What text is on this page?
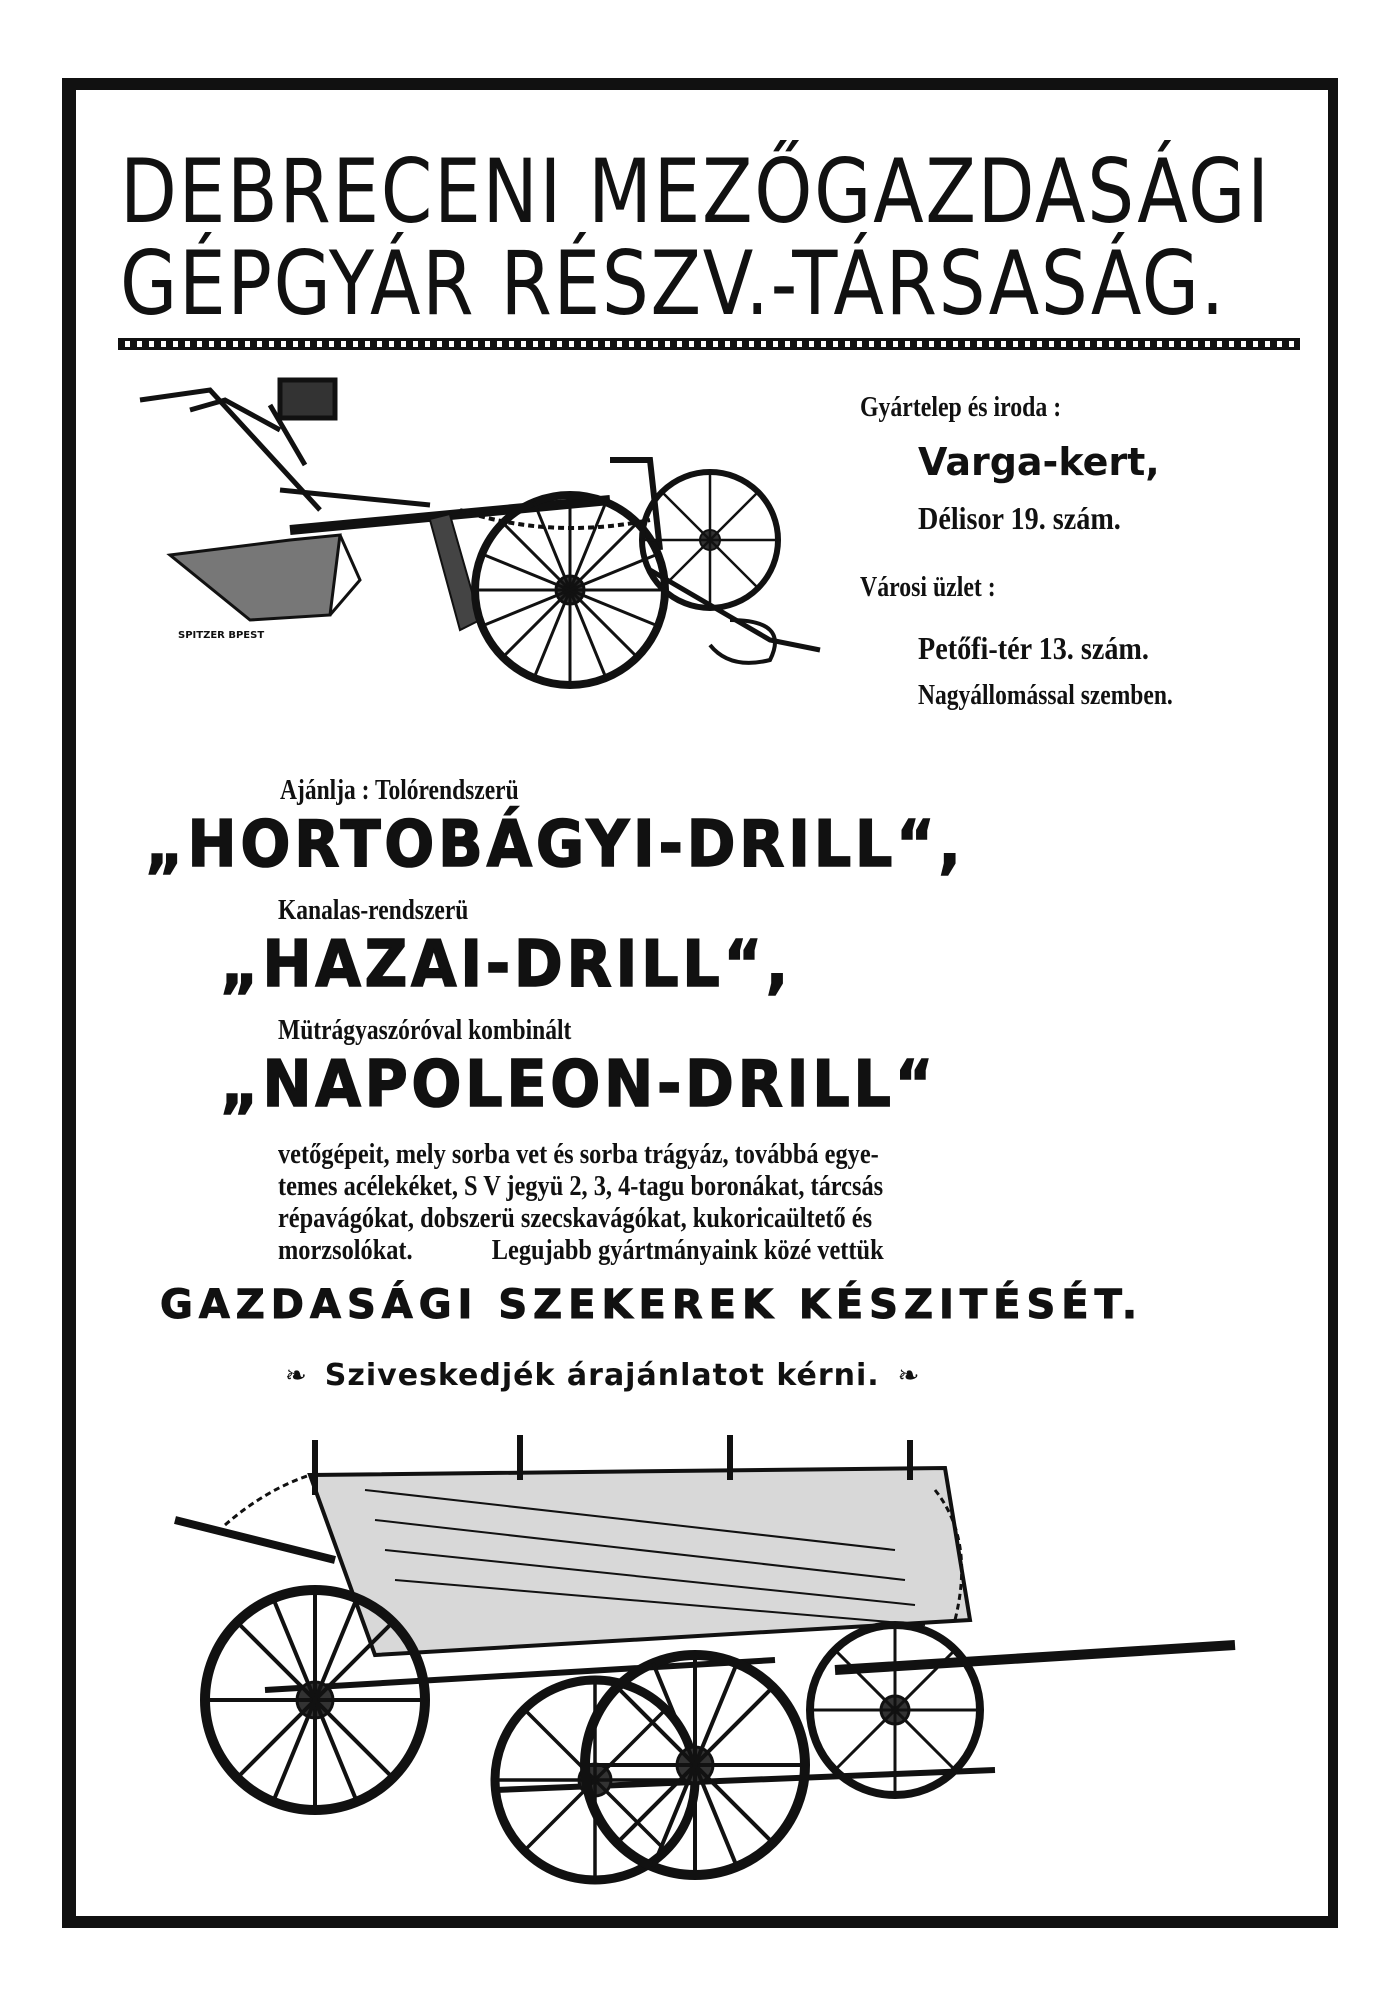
DEBRECENI MEZŐGAZDASÁGI
GÉPGYÁR RÉSZV.-TÁRSASÁG.
SPITZER BPEST
Gyártelep és iroda :
Varga-kert,
Délisor 19. szám.
Városi üzlet :
Petőfi-tér 13. szám.
Nagyállomással szemben.
Ajánlja : Tolórendszerü
„HORTOBÁGYI-DRILL“,
Kanalas-rendszerü
„HAZAI-DRILL“,
Mütrágyaszóróval kombinált
„NAPOLEON-DRILL“
vetőgépeit, mely sorba vet és sorba trágyáz, továbbá egye-
temes acélekéket, S V jegyü 2, 3, 4-tagu boronákat, tárcsás
répavágókat, dobszerü szecskavágókat, kukoricaültető és
morzsolókat.             Legujabb gyártmányaink közé vettük
GAZDASÁGI SZEKEREK KÉSZITÉSÉT.
❧ Sziveskedjék árajánlatot kérni. ❧
